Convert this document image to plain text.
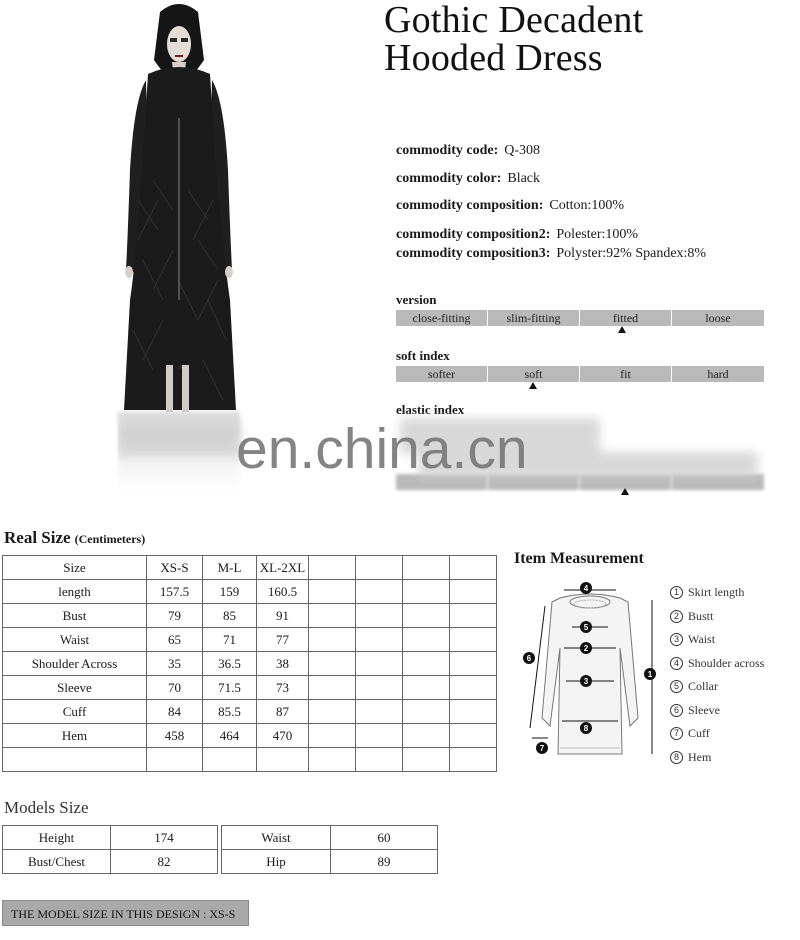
Gothic Decadent
Hooded Dress
commodity code: Q-308
commodity color: Black
commodity composition: Cotton:100%
commodity composition2: Polester:100%
commodity composition3: Polyster:92% Spandex:8%
version
close-fitting	slim-fitting	fitted	loose
soft index
softer	soft	fit	hard
elastic index
en.china.cn
Real Size (Centimeters)
Size	XS-S	M-L	XL-2XL				
length	157.5	159	160.5				
Bust	79	85	91				
Waist	65	71	77				
Shoulder Across	35	36.5	38				
Sleeve	70	71.5	73				
Cuff	84	85.5	87				
Hem	458	464	470				

Item Measurement
1
2
3
4
5
6
7
8
1 Skirt length
2 Bustt
3 Waist
4 Shoulder across
5 Collar
6 Sleeve
7 Cuff
8 Hem
Models Size
Height	174		Waist	60
Bust/Chest	82		Hip	89
THE MODEL SIZE IN THIS DESIGN : XS-S
